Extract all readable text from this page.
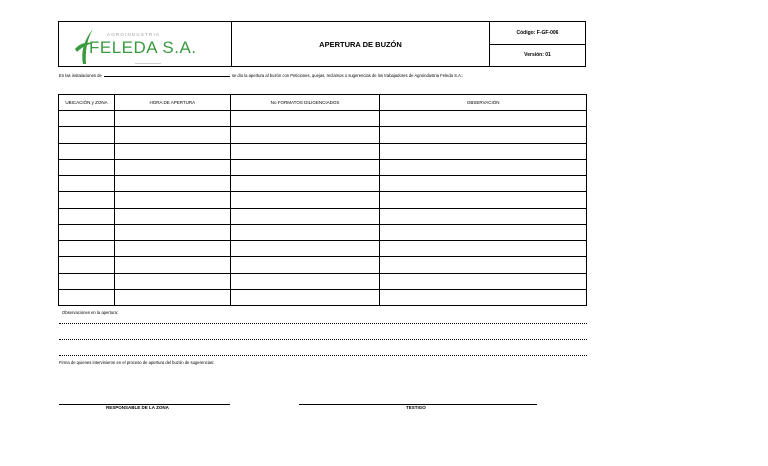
AGROINDUSTRIA
FELEDA S.A.	APERTURA DE BUZÓN
Código: F-GF-006
Versión: 01
En las instalaciones de	se dio la apertura al buzón con Peticiones, quejas, reclamos o sugerencias de los trabajadores de Agroindustria Feleda S.A.:
UBICACIÓN y ZONA	HORA DE APERTURA	No FORMATOS DILIGENCIADOS	OBSERVACIÓN

Observaciones en la apertura:
Firma de quienes intervinieron en el proceso de apertura del buzón de sugerencias:
RESPONSABLE DE LA ZONA	TESTIGO
